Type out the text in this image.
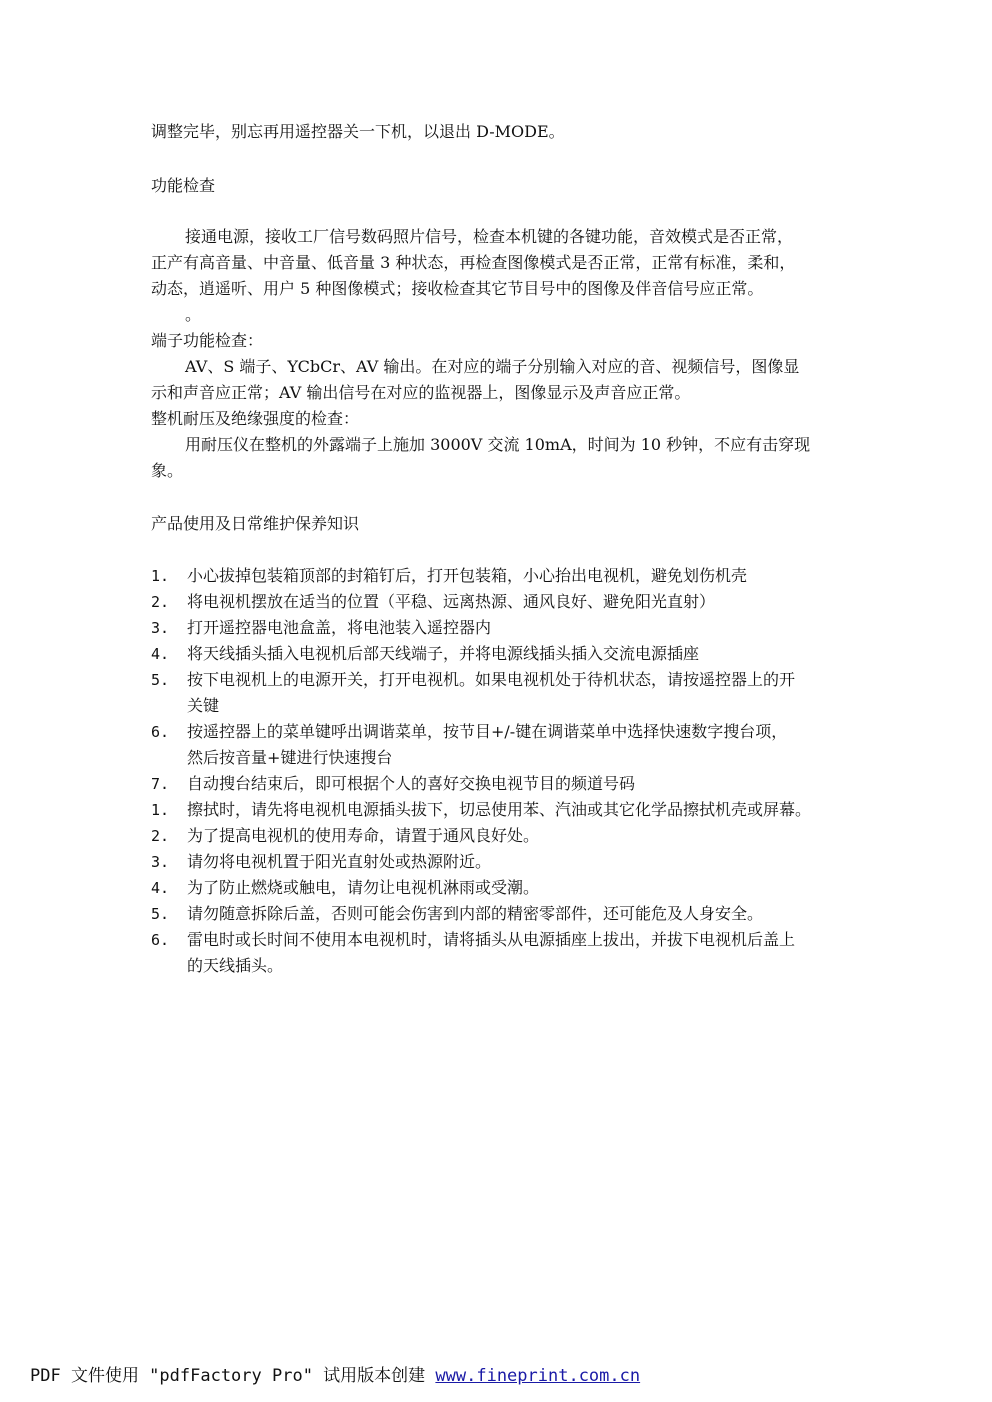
调整完毕，别忘再用遥控器关一下机，以退出 D-MODE。
功能检查
接通电源，接收工厂信号数码照片信号，检查本机键的各键功能，音效模式是否正常，
正产有高音量、中音量、低音量 3 种状态，再检查图像模式是否正常，正常有标准，柔和，
动态，逍遥听、用户 5 种图像模式；接收检查其它节目号中的图像及伴音信号应正常。
。
端子功能检查：
AV、S 端子、YCbCr、AV 输出。在对应的端子分别输入对应的音、视频信号，图像显
示和声音应正常；AV 输出信号在对应的监视器上，图像显示及声音应正常。
整机耐压及绝缘强度的检查：
用耐压仪在整机的外露端子上施加 3000V 交流 10mA，时间为 10 秒钟，不应有击穿现
象。
产品使用及日常维护保养知识
1. 小心拔掉包装箱顶部的封箱钉后，打开包装箱，小心抬出电视机，避免划伤机壳
2. 将电视机摆放在适当的位置（平稳、远离热源、通风良好、避免阳光直射）
3. 打开遥控器电池盒盖，将电池装入遥控器内
4. 将天线插头插入电视机后部天线端子，并将电源线插头插入交流电源插座
5. 按下电视机上的电源开关，打开电视机。如果电视机处于待机状态，请按遥控器上的开
关键
6. 按遥控器上的菜单键呼出调谐菜单，按节目+/-键在调谐菜单中选择快速数字搜台项，
然后按音量+键进行快速搜台
7. 自动搜台结束后，即可根据个人的喜好交换电视节目的频道号码
1. 擦拭时，请先将电视机电源插头拔下，切忌使用苯、汽油或其它化学品擦拭机壳或屏幕。
2. 为了提高电视机的使用寿命，请置于通风良好处。
3. 请勿将电视机置于阳光直射处或热源附近。
4. 为了防止燃烧或触电，请勿让电视机淋雨或受潮。
5. 请勿随意拆除后盖，否则可能会伤害到内部的精密零部件，还可能危及人身安全。
6. 雷电时或长时间不使用本电视机时，请将插头从电源插座上拔出，并拔下电视机后盖上
的天线插头。
PDF 文件使用 "pdfFactory Pro" 试用版本创建 www.fineprint.com.cn
